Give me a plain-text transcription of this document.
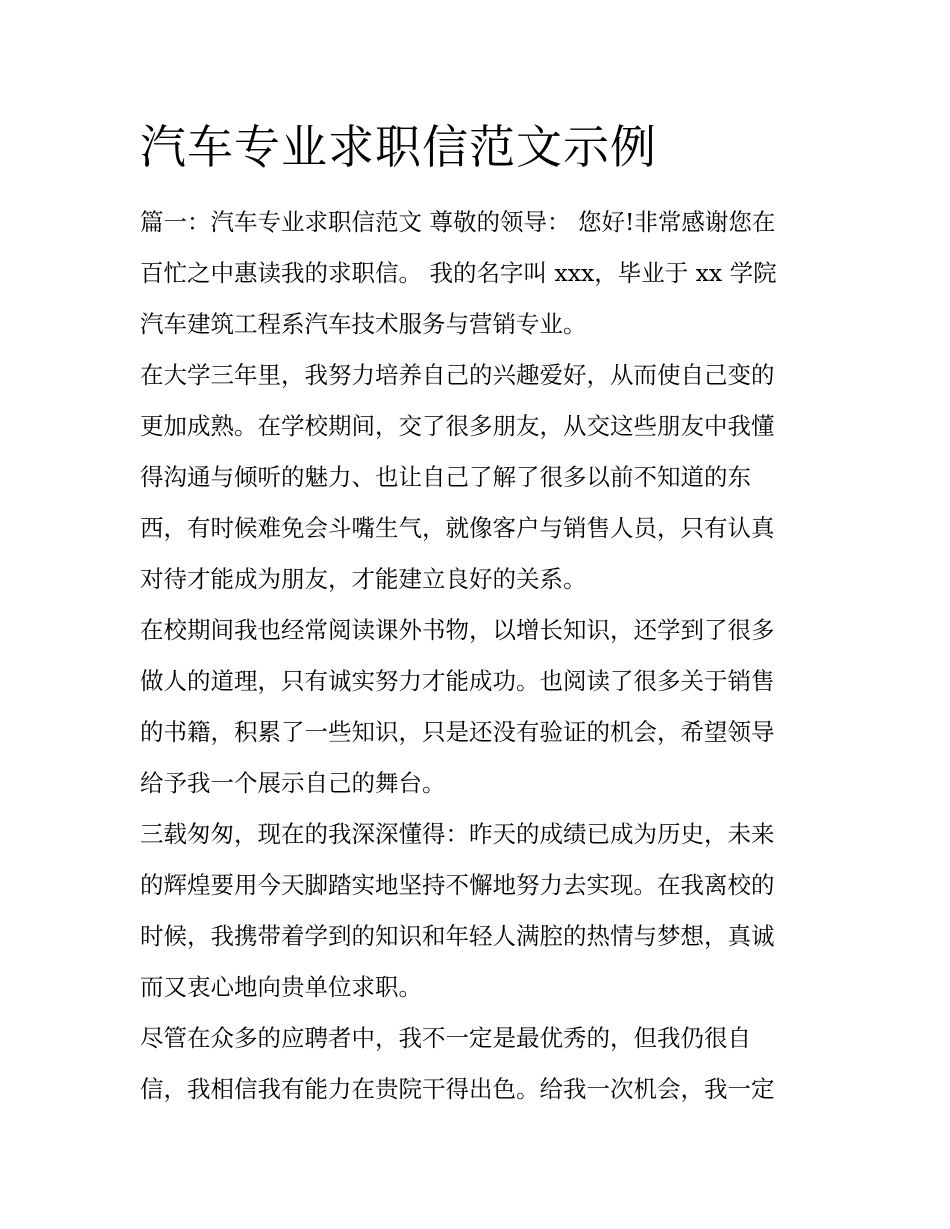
汽车专业求职信范文示例
篇一：汽车专业求职信范文 尊敬的领导： 您好!非常感谢您在
百忙之中惠读我的求职信。 我的名字叫 xxx，毕业于 xx 学院
汽车建筑工程系汽车技术服务与营销专业。
在大学三年里，我努力培养自己的兴趣爱好，从而使自己变的
更加成熟。在学校期间，交了很多朋友，从交这些朋友中我懂
得沟通与倾听的魅力、也让自己了解了很多以前不知道的东
西，有时候难免会斗嘴生气，就像客户与销售人员，只有认真
对待才能成为朋友，才能建立良好的关系。
在校期间我也经常阅读课外书物，以增长知识，还学到了很多
做人的道理，只有诚实努力才能成功。也阅读了很多关于销售
的书籍，积累了一些知识，只是还没有验证的机会，希望领导
给予我一个展示自己的舞台。
三载匆匆，现在的我深深懂得：昨天的成绩已成为历史，未来
的辉煌要用今天脚踏实地坚持不懈地努力去实现。在我离校的
时候，我携带着学到的知识和年轻人满腔的热情与梦想，真诚
而又衷心地向贵单位求职。
尽管在众多的应聘者中，我不一定是最优秀的，但我仍很自
信，我相信我有能力在贵院干得出色。给我一次机会，我一定
